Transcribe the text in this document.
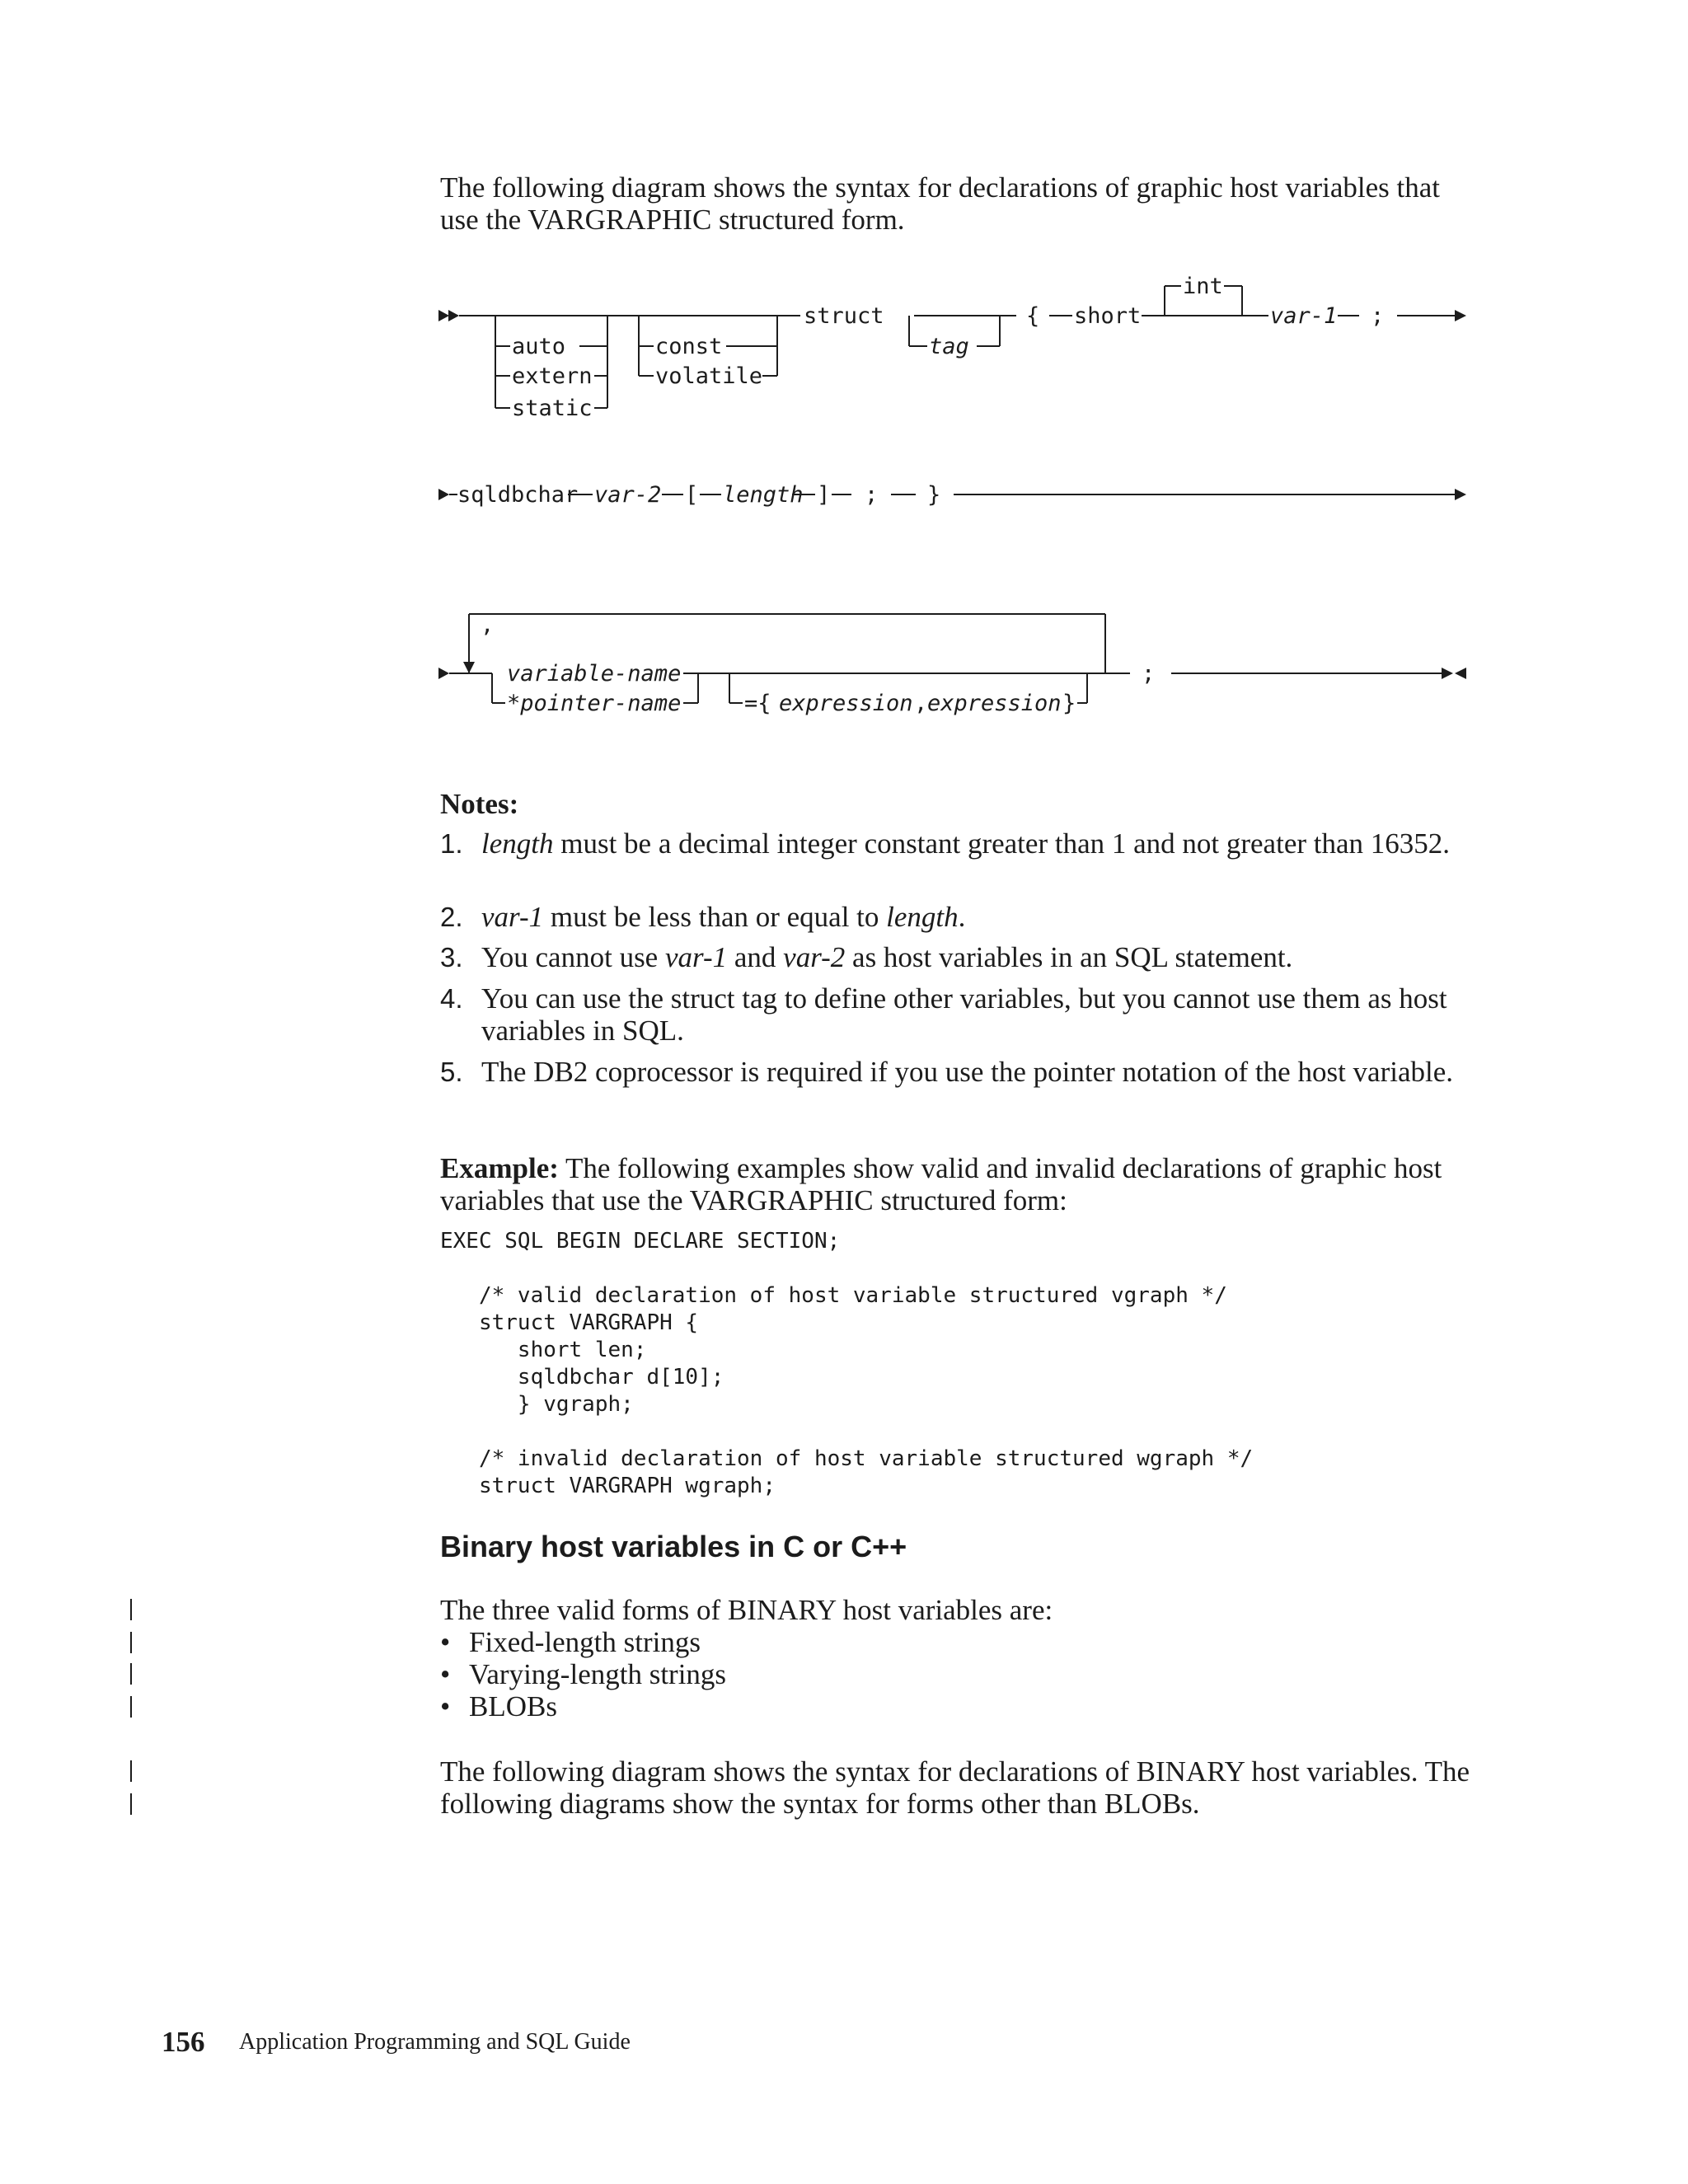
The following diagram shows the syntax for declarations of graphic host variables that use the VARGRAPHIC structured form.
auto
extern
static
const
volatile
struct
tag
{ short
int
var-1 ;
sqldbchar var-2 [ length ] ; }
,
variable-name
*pointer-name	={ expression , expression }
;
Notes:
1. length must be a decimal integer constant greater than 1 and not greater than 16352.
2. var-1 must be less than or equal to length.
3. You cannot use var-1 and var-2 as host variables in an SQL statement.
4. You can use the struct tag to define other variables, but you cannot use them as host variables in SQL.
5. The DB2 coprocessor is required if you use the pointer notation of the host variable.
Example: The following examples show valid and invalid declarations of graphic host variables that use the VARGRAPHIC structured form:
EXEC SQL BEGIN DECLARE SECTION;
/* valid declaration of host variable structured vgraph */
struct VARGRAPH {
short len;
sqldbchar d[10];
} vgraph;
/* invalid declaration of host variable structured wgraph */
struct VARGRAPH wgraph;
Binary host variables in C or C++
The three valid forms of BINARY host variables are:
• Fixed-length strings
• Varying-length strings
• BLOBs
The following diagram shows the syntax for declarations of BINARY host variables. The following diagrams show the syntax for forms other than BLOBs.
156 Application Programming and SQL Guide
